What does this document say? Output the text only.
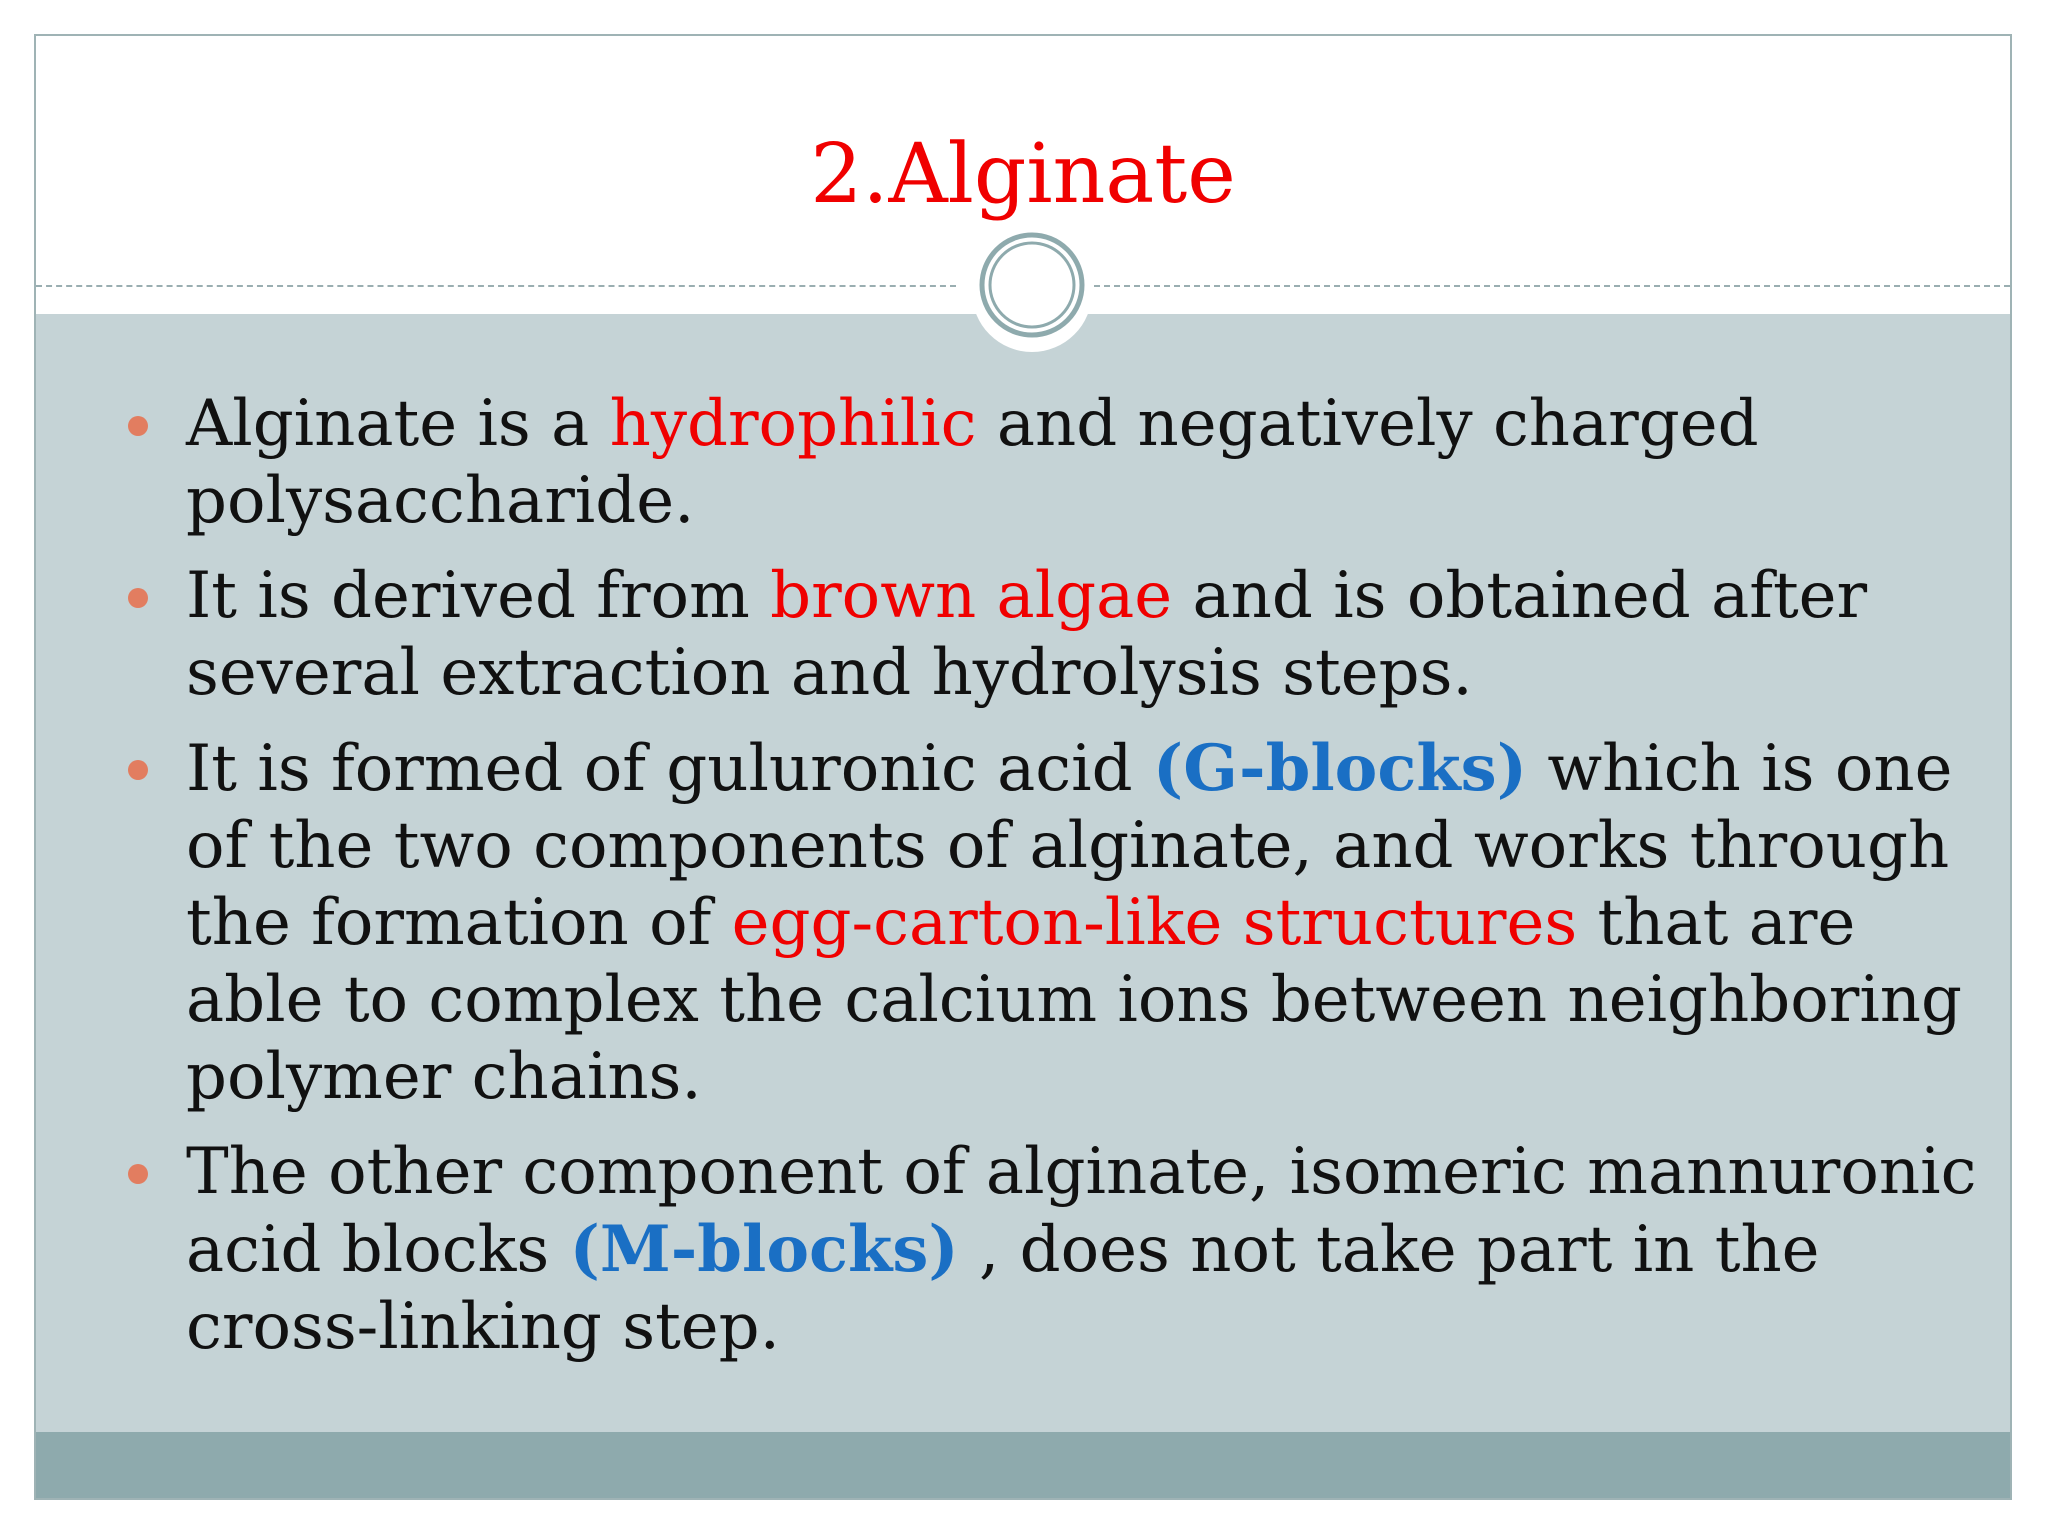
2.Alginate
Alginate is a hydrophilic and negatively charged polysaccharide.
It is derived from brown algae and is obtained after several extraction and hydrolysis steps.
It is formed of guluronic acid (G-blocks) which is one of the two components of alginate, and works through the formation of egg-carton-like structures that are able to complex the calcium ions between neighboring polymer chains.
The other component of alginate, isomeric mannuronic acid blocks (M-blocks) , does not take part in the cross-linking step.
